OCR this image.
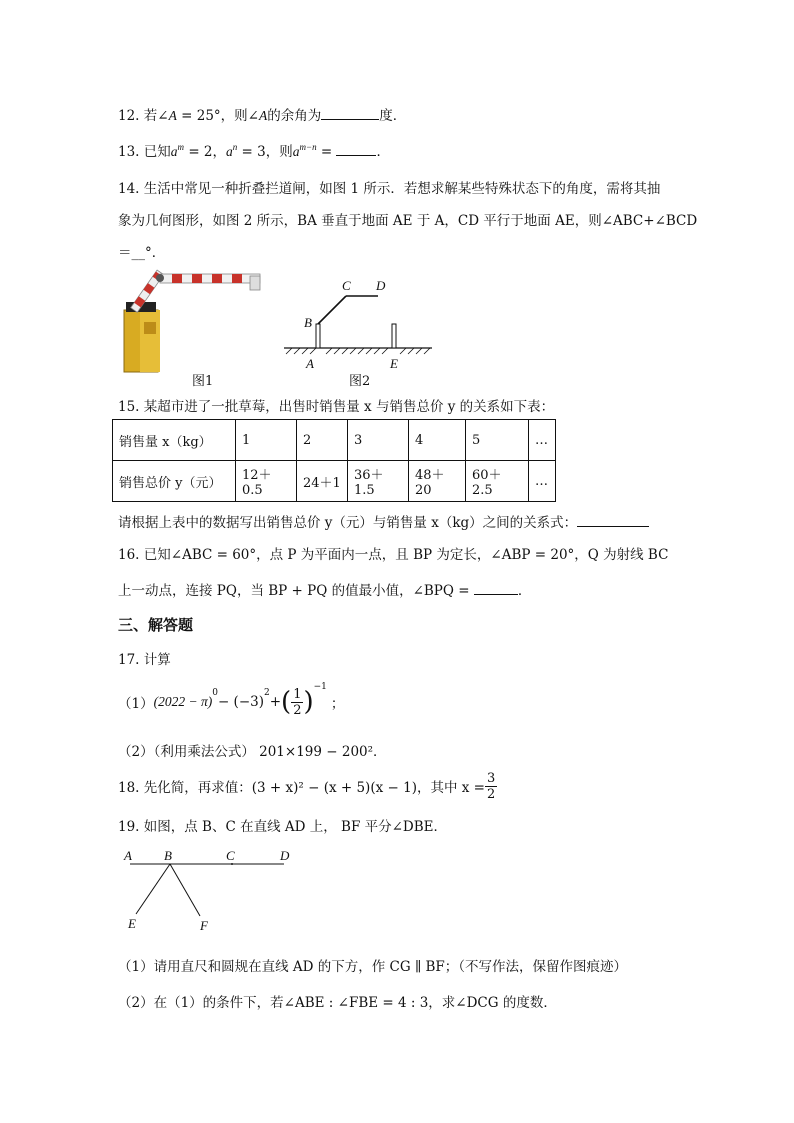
12. 若∠A = 25°，则∠A的余角为	度．
13. 已知$a^m = 2$，$a^n = 3$，则$a^{m-n}$ =	．
14. 生活中常见一种折叠拦道闸，如图 1 所示．若想求解某些特殊状态下的角度，需将其抽
象为几何图形，如图 2 所示，BA 垂直于地面 AE 于 A，CD 平行于地面 AE，则∠ABC+∠BCD
＝__°．
图1
B
C D
A	E
图2
15. 某超市进了一批草莓，出售时销售量 x 与销售总价 y 的关系如下表：
销售量 x（kg）	1	2	3	4	5	…
销售总价 y（元）	12＋0.5	24＋1	36＋1.5	48＋20	60＋2.5	…
请根据上表中的数据写出销售总价 y（元）与销售量 x（kg）之间的关系式：
16. 已知∠ABC = 60°，点 P 为平面内一点，且 BP 为定长，∠ABP = 20°，Q 为射线 BC
上一动点，连接 PQ，当 BP + PQ 的值最小值，∠BPQ =	．
三、解答题
17. 计算
（1） (2022 − π)
0
− (−3)
2
+ ( $\frac{1}{2}$ ) −1
；
（2）（利用乘法公式） 201×199 − 200²．
18. 先化简，再求值：(3 + x)² − (x + 5)(x − 1)，其中 $x = \frac{3}{2}$
19. 如图，点 B、C 在直线 AD 上， BF 平分∠DBE．
A B	C	D
E	F
（1）请用直尺和圆规在直线 AD 的下方，作 CG ∥ BF；（不写作法，保留作图痕迹）
（2）在（1）的条件下，若∠ABE : ∠FBE = 4 : 3，求∠DCG 的度数．
